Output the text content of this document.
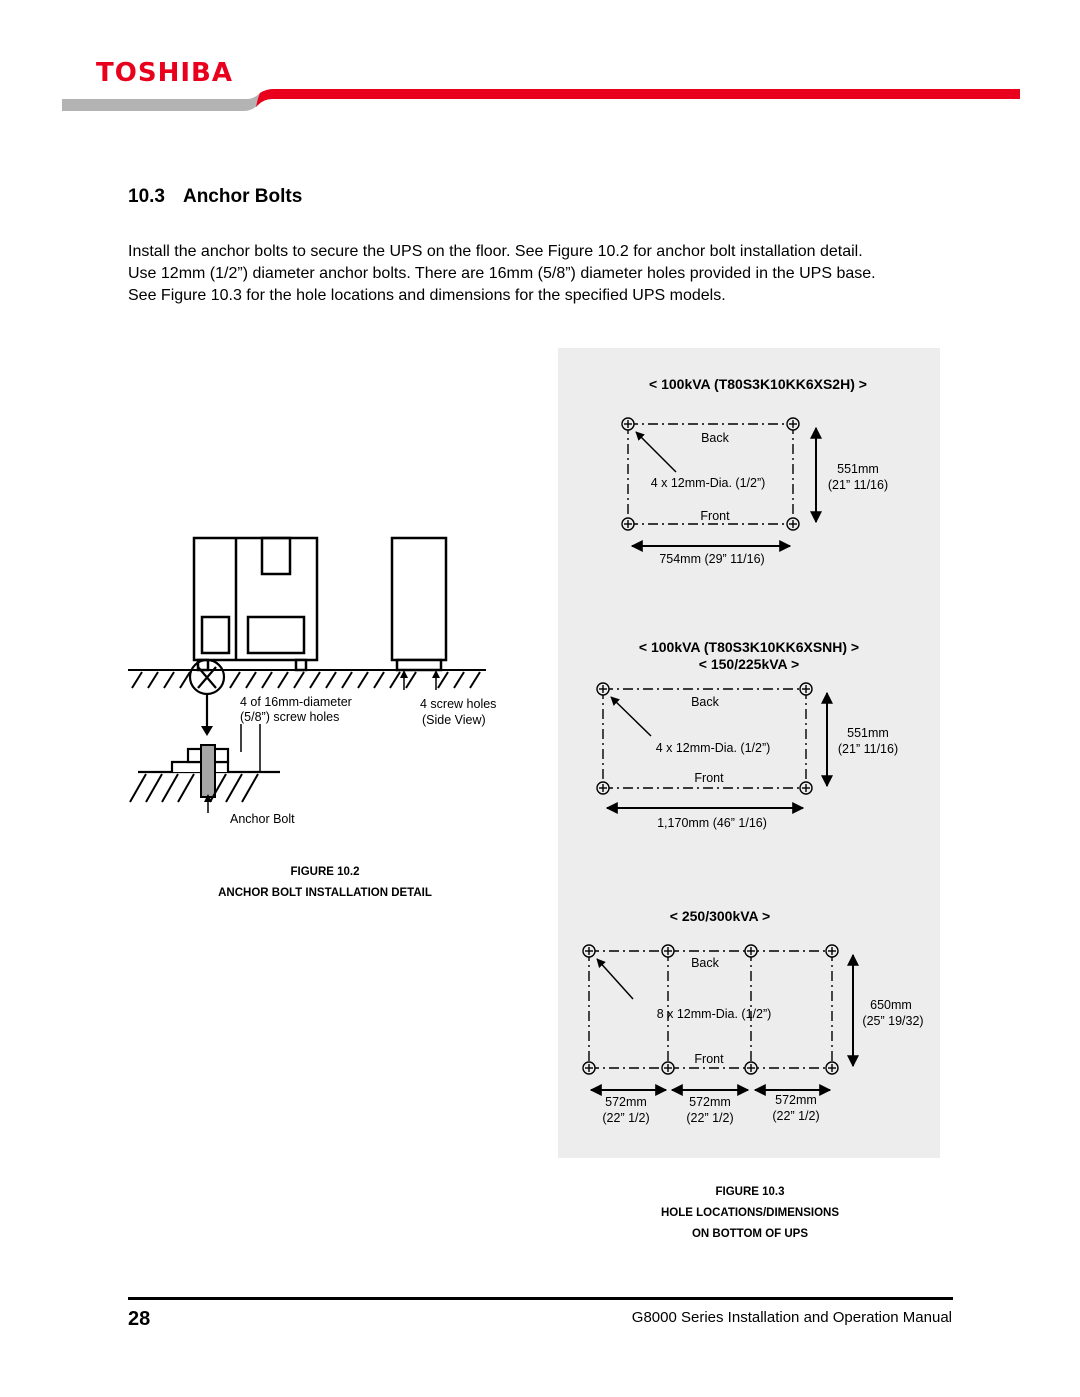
TOSHIBA
10.3 Anchor Bolts

Install the anchor bolts to secure the UPS on the floor. See Figure 10.2 for anchor bolt installation detail.

Use 12mm (1/2”) diameter anchor bolts. There are 16mm (5/8”) diameter holes provided in the UPS base.

See Figure 10.3 for the hole locations and dimensions for the specified UPS models.

4 of 16mm-diameter
(5/8”) screw holes
4 screw holes
(Side View)
Anchor Bolt
FIGURE 10.2
ANCHOR BOLT INSTALLATION DETAIL
< 100kVA (T80S3K10KK6XS2H) >
Back
4 x 12mm-Dia. (1/2”)
Front
551mm
(21” 11/16)
754mm (29” 11/16)
< 100kVA (T80S3K10KK6XSNH) >
< 150/225kVA >
Back
4 x 12mm-Dia. (1/2”)
Front
551mm
(21” 11/16)
1,170mm (46” 1/16)
< 250/300kVA >
Back
8 x 12mm-Dia. (1/2”)
Front
650mm
(25” 19/32)
572mm
(22” 1/2)
572mm
(22” 1/2)
572mm
(22” 1/2)
FIGURE 10.3
HOLE LOCATIONS/DIMENSIONS
ON BOTTOM OF UPS
28	G8000 Series Installation and Operation Manual
